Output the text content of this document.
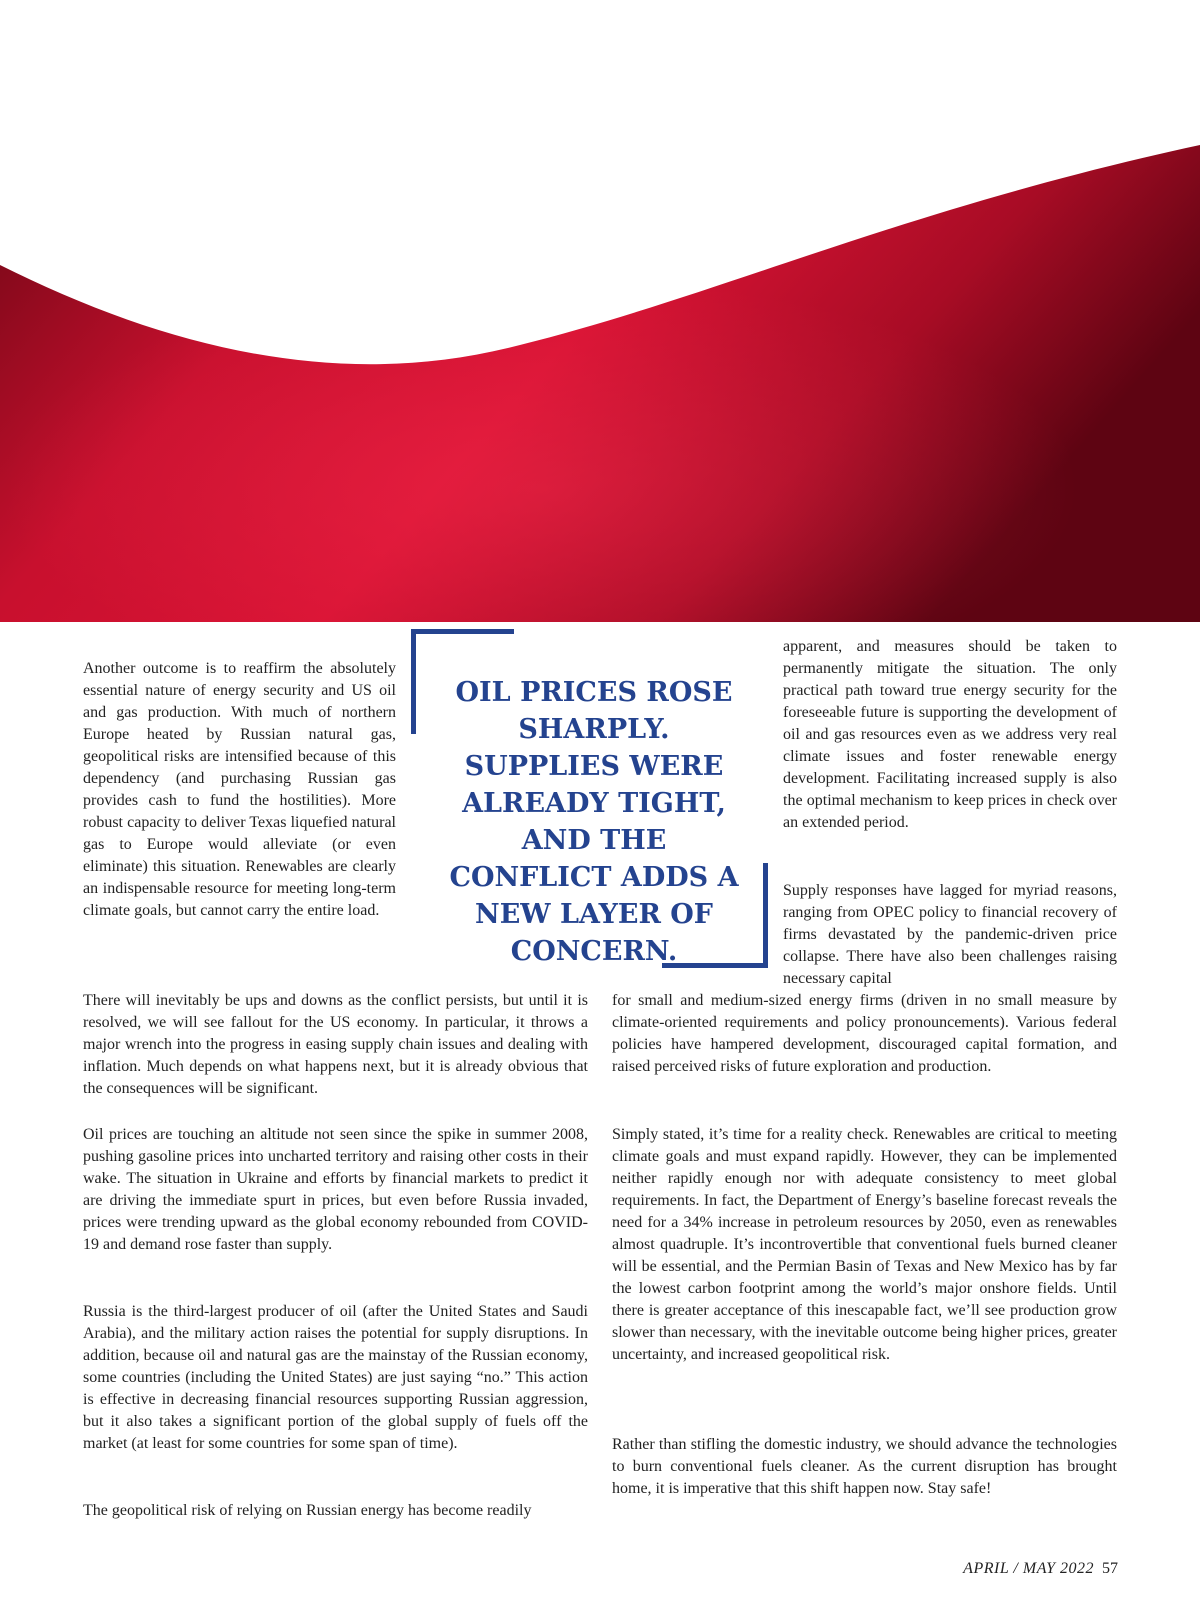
Another outcome is to reaffirm the absolutely essential nature of energy security and US oil and gas production. With much of northern Europe heated by Russian natural gas, geopolitical risks are intensified because of this dependency (and purchasing Russian gas provides cash to fund the hostilities). More robust capacity to deliver Texas liquefied natural gas to Europe would alleviate (or even eliminate) this situation. Renewables are clearly an indispensable resource for meeting long-term climate goals, but cannot carry the entire load.

OIL PRICES ROSE SHARPLY. SUPPLIES WERE ALREADY TIGHT, AND THE CONFLICT ADDS A NEW LAYER OF CONCERN.

apparent, and measures should be taken to permanently mitigate the situation. The only practical path toward true energy security for the foreseeable future is supporting the development of oil and gas resources even as we address very real climate issues and foster renewable energy development. Facilitating increased supply is also the optimal mechanism to keep prices in check over an extended period.

Supply responses have lagged for myriad reasons, ranging from OPEC policy to financial recovery of firms devastated by the pandemic-driven price collapse. There have also been challenges raising necessary capital

There will inevitably be ups and downs as the conflict persists, but until it is resolved, we will see fallout for the US economy. In particular, it throws a major wrench into the progress in easing supply chain issues and dealing with inflation. Much depends on what happens next, but it is already obvious that the consequences will be significant.

Oil prices are touching an altitude not seen since the spike in summer 2008, pushing gasoline prices into uncharted territory and raising other costs in their wake. The situation in Ukraine and efforts by financial markets to predict it are driving the immediate spurt in prices, but even before Russia invaded, prices were trending upward as the global economy rebounded from COVID-19 and demand rose faster than supply.

Russia is the third-largest producer of oil (after the United States and Saudi Arabia), and the military action raises the potential for supply disruptions. In addition, because oil and natural gas are the mainstay of the Russian economy, some countries (including the United States) are just saying “no.” This action is effective in decreasing financial resources supporting Russian aggression, but it also takes a significant portion of the global supply of fuels off the market (at least for some countries for some span of time).

The geopolitical risk of relying on Russian energy has become readily

for small and medium-sized energy firms (driven in no small measure by climate-oriented requirements and policy pronouncements). Various federal policies have hampered development, discouraged capital formation, and raised perceived risks of future exploration and production.

Simply stated, it’s time for a reality check. Renewables are critical to meeting climate goals and must expand rapidly. However, they can be implemented neither rapidly enough nor with adequate consistency to meet global requirements. In fact, the Department of Energy’s baseline forecast reveals the need for a 34% increase in petroleum resources by 2050, even as renewables almost quadruple. It’s incontrovertible that conventional fuels burned cleaner will be essential, and the Permian Basin of Texas and New Mexico has by far the lowest carbon footprint among the world’s major onshore fields. Until there is greater acceptance of this inescapable fact, we’ll see production grow slower than necessary, with the inevitable outcome being higher prices, greater uncertainty, and increased geopolitical risk.

Rather than stifling the domestic industry, we should advance the technologies to burn conventional fuels cleaner. As the current disruption has brought home, it is imperative that this shift happen now. Stay safe!

APRIL / MAY 2022 57
